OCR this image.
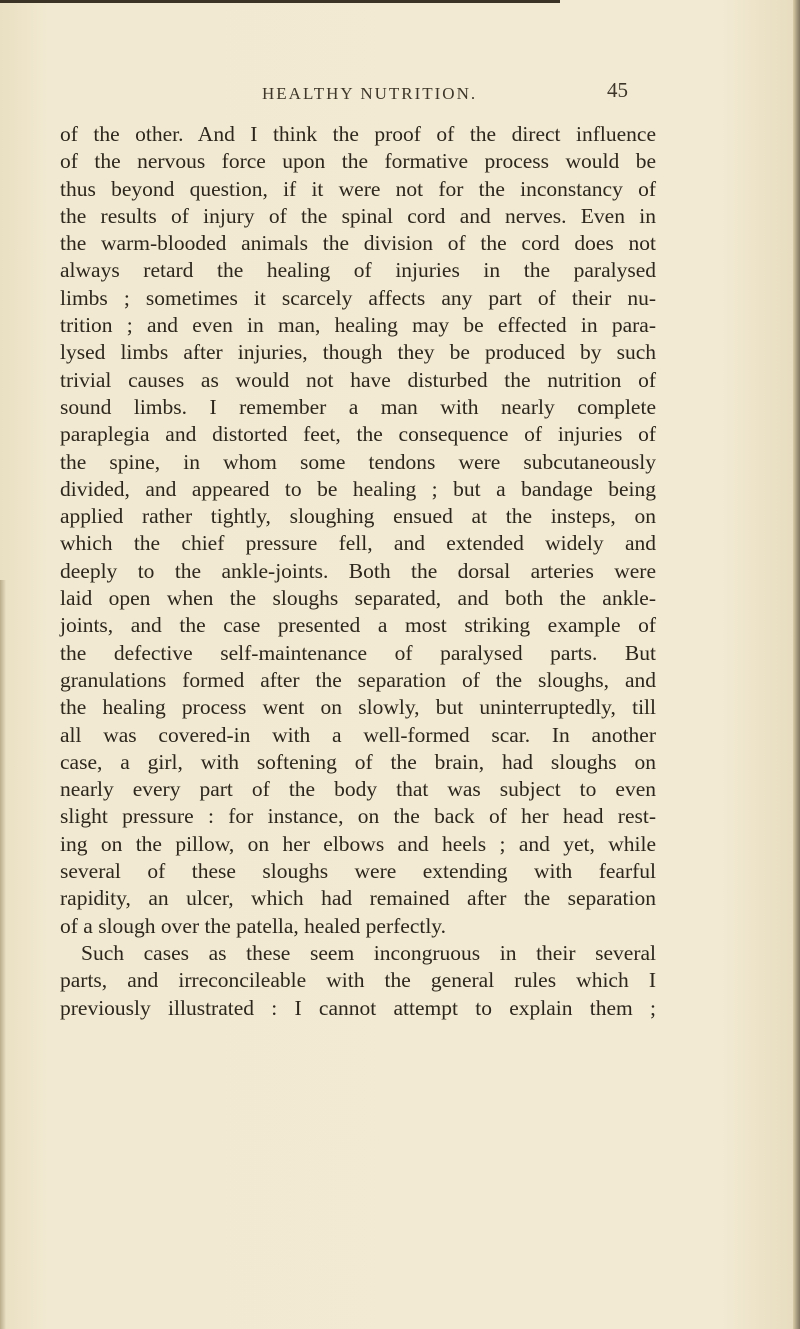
HEALTHY NUTRITION.	45
of the other. And I think the proof of the direct influence
of the nervous force upon the formative process would be
thus beyond question, if it were not for the inconstancy of
the results of injury of the spinal cord and nerves. Even in
the warm-blooded animals the division of the cord does not
always retard the healing of injuries in the paralysed
limbs ; sometimes it scarcely affects any part of their nu-
trition ; and even in man, healing may be effected in para-
lysed limbs after injuries, though they be produced by such
trivial causes as would not have disturbed the nutrition of
sound limbs. I remember a man with nearly complete
paraplegia and distorted feet, the consequence of injuries of
the spine, in whom some tendons were subcutaneously
divided, and appeared to be healing ; but a bandage being
applied rather tightly, sloughing ensued at the insteps, on
which the chief pressure fell, and extended widely and
deeply to the ankle-joints. Both the dorsal arteries were
laid open when the sloughs separated, and both the ankle-
joints, and the case presented a most striking example of
the defective self-maintenance of paralysed parts. But
granulations formed after the separation of the sloughs, and
the healing process went on slowly, but uninterruptedly, till
all was covered-in with a well-formed scar. In another
case, a girl, with softening of the brain, had sloughs on
nearly every part of the body that was subject to even
slight pressure : for instance, on the back of her head rest-
ing on the pillow, on her elbows and heels ; and yet, while
several of these sloughs were extending with fearful
rapidity, an ulcer, which had remained after the separation
of a slough over the patella, healed perfectly.
Such cases as these seem incongruous in their several
parts, and irreconcileable with the general rules which I
previously illustrated : I cannot attempt to explain them ;
